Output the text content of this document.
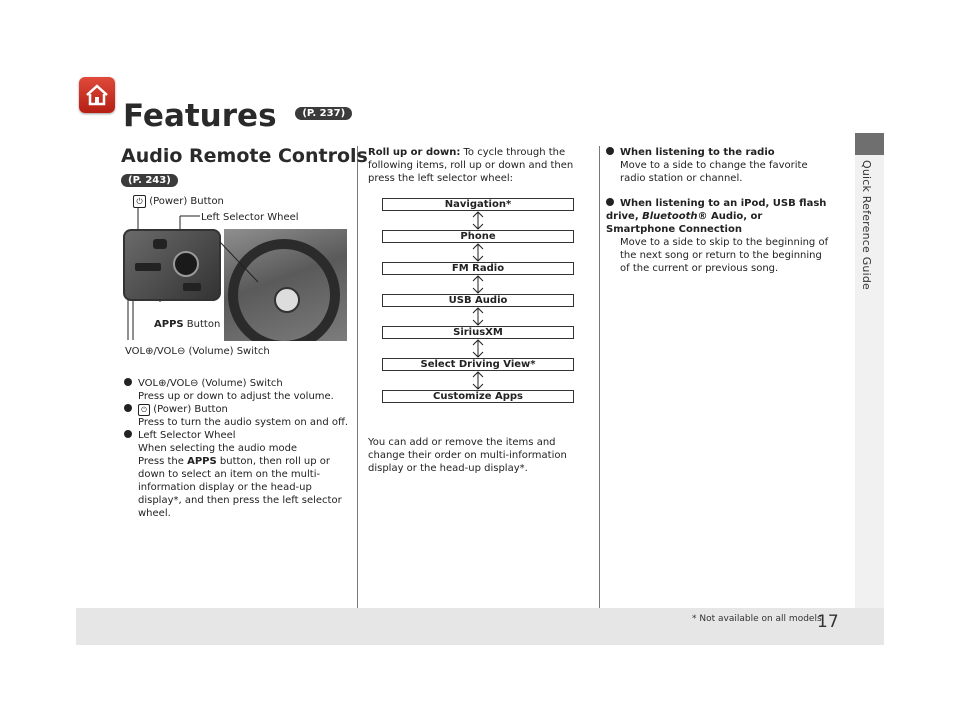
Quick Reference Guide
* Not available on all models
17
Features	(P. 237)
Audio Remote Controls
(P. 243)
⏻ (Power) Button
Left Selector Wheel
APPS Button
VOL⊕/VOL⊖ (Volume) Switch
VOL⊕/VOL⊖ (Volume) Switch
Press up or down to adjust the volume.
⏻ (Power) Button
Press to turn the audio system on and off.
Left Selector Wheel
When selecting the audio mode
Press the APPS button, then roll up or down to select an item on the multi-information display or the head-up display*, and then press the left selector wheel.
Roll up or down: To cycle through the following items, roll up or down and then press the left selector wheel:
Navigation*
Phone
FM Radio
USB Audio
SiriusXM
Select Driving View*
Customize Apps
You can add or remove the items and change their order on multi-information display or the head-up display*.
When listening to the radio
Move to a side to change the favorite radio station or channel.
When listening to an iPod, USB flash drive, Bluetooth® Audio, or Smartphone Connection
Move to a side to skip to the beginning of the next song or return to the beginning of the current or previous song.
